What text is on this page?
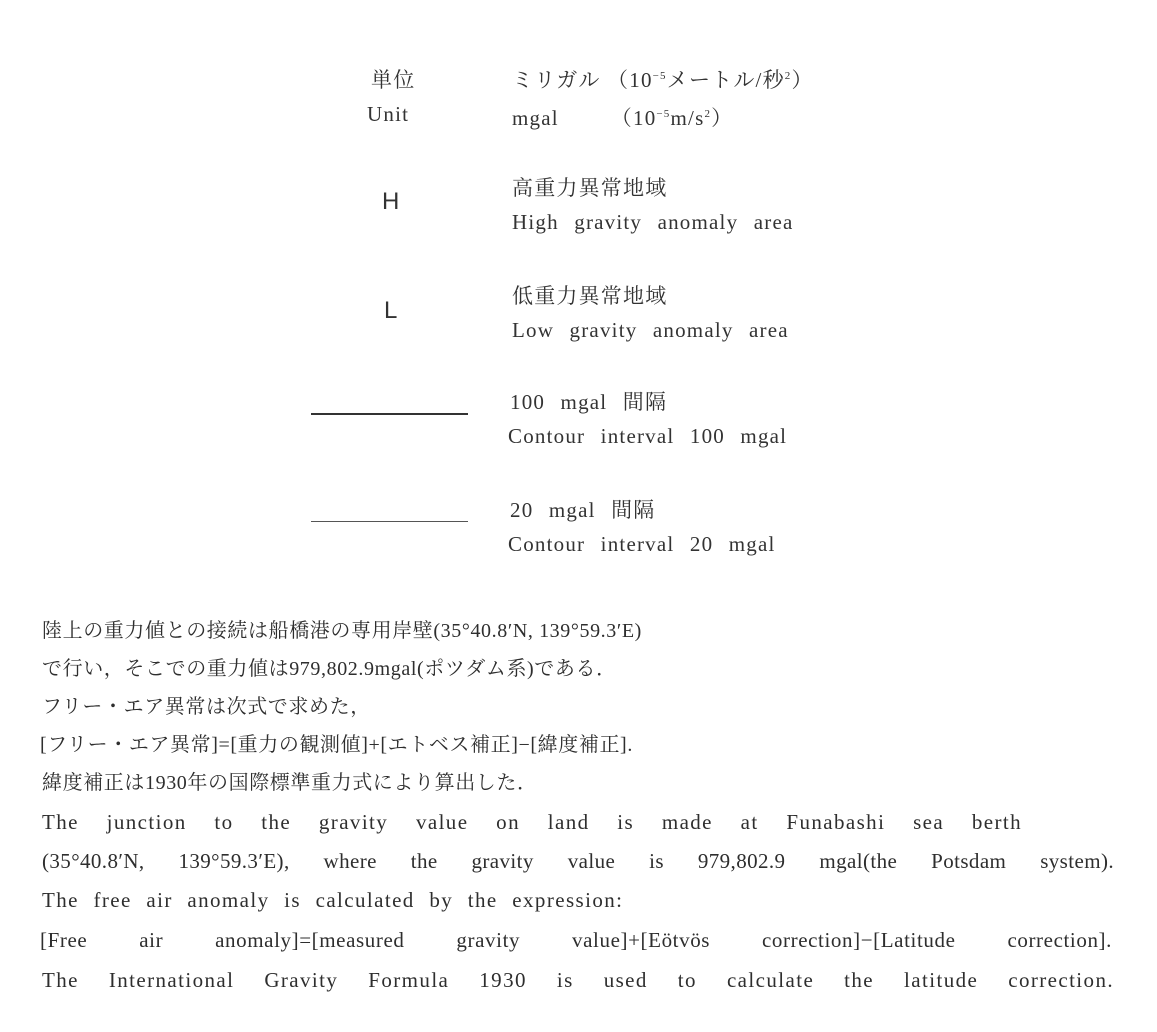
単位
Unit
ミリガル （$10^{-5}$メートル/秒$^2$）
mgal $(10^{-5}m/s^2)$
H	高重力異常地域
High gravity anomaly area
L
低重力異常地域
Low gravity anomaly area
100 mgal 間隔
Contour interval 100 mgal
20 mgal 間隔
Contour interval 20 mgal
陸上の重力値との接続は船橋港の専用岸壁(35°40.8′N, 139°59.3′E)
で行い，そこでの重力値は979,802.9mgal(ポツダム系)である．
フリー・エア異常は次式で求めた，
[フリー・エア異常]=[重力の観測値]+[エトベス補正]−[緯度補正].
緯度補正は1930年の国際標準重力式により算出した．
The junction to the gravity value on land is made at Funabashi sea berth
(35°40.8′N, 139°59.3′E), where the gravity value is 979,802.9 mgal(the Potsdam system).
The free air anomaly is calculated by the expression:
[Free air anomaly]=[measured gravity value]+[Eötvös correction]−[Latitude correction].
The International Gravity Formula 1930 is used to calculate the latitude correction.
